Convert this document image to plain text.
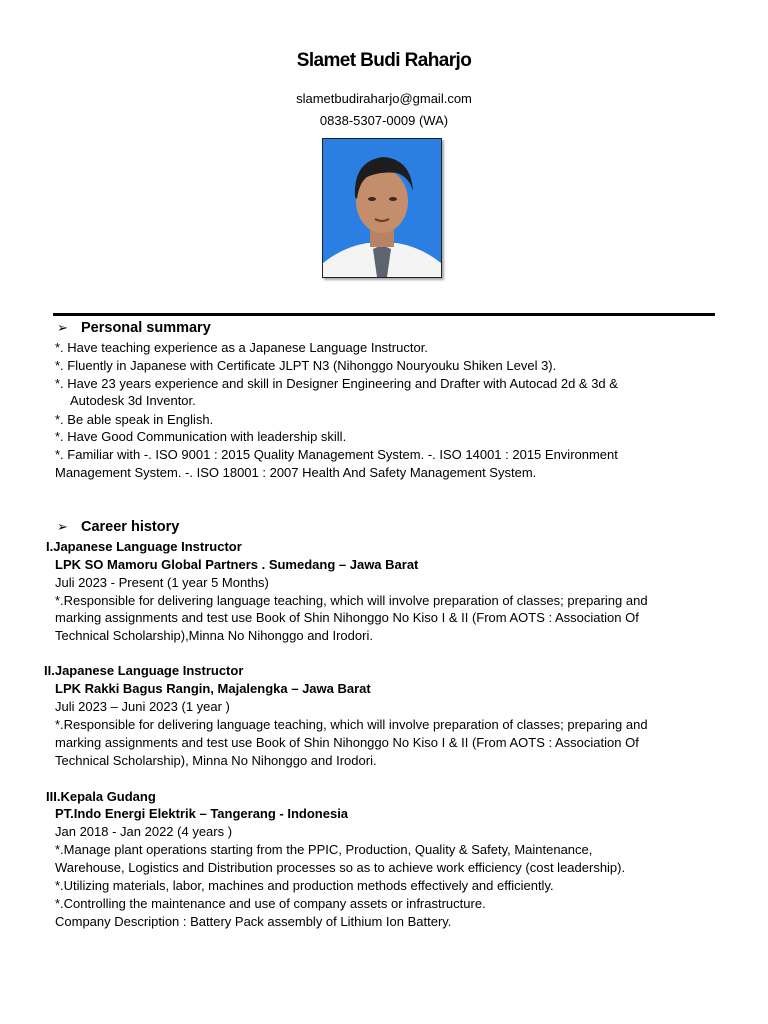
Slamet Budi Raharjo
slametbudiraharjo@gmail.com
0838-5307-0009 (WA)
➢ Personal summary
*. Have teaching experience as a Japanese Language Instructor.
*. Fluently in Japanese with Certificate JLPT N3 (Nihonggo Nouryouku Shiken Level 3).
*. Have 23 years experience and skill in Designer Engineering and Drafter with Autocad 2d & 3d &
Autodesk 3d Inventor.
*. Be able speak in English.
*. Have Good Communication with leadership skill.
*. Familiar with -. ISO 9001 : 2015 Quality Management System. -. ISO 14001 : 2015 Environment
Management System. -. ISO 18001 : 2007 Health And Safety Management System.
➢ Career history
I.Japanese Language Instructor
LPK SO Mamoru Global Partners . Sumedang – Jawa Barat
Juli 2023 - Present (1 year 5 Months)
*.Responsible for delivering language teaching, which will involve preparation of classes; preparing and
marking assignments and test use Book of Shin Nihonggo No Kiso I & II (From AOTS : Association Of
Technical Scholarship),Minna No Nihonggo and Irodori.
II.Japanese Language Instructor
LPK Rakki Bagus Rangin, Majalengka – Jawa Barat
Juli 2023 – Juni 2023 (1 year )
*.Responsible for delivering language teaching, which will involve preparation of classes; preparing and
marking assignments and test use Book of Shin Nihonggo No Kiso I & II (From AOTS : Association Of
Technical Scholarship), Minna No Nihonggo and Irodori.
III.Kepala Gudang
PT.Indo Energi Elektrik – Tangerang - Indonesia
Jan 2018 - Jan 2022 (4 years )
*.Manage plant operations starting from the PPIC, Production, Quality & Safety, Maintenance,
Warehouse, Logistics and Distribution processes so as to achieve work efficiency (cost leadership).
*.Utilizing materials, labor, machines and production methods effectively and efficiently.
*.Controlling the maintenance and use of company assets or infrastructure.
Company Description : Battery Pack assembly of Lithium Ion Battery.
